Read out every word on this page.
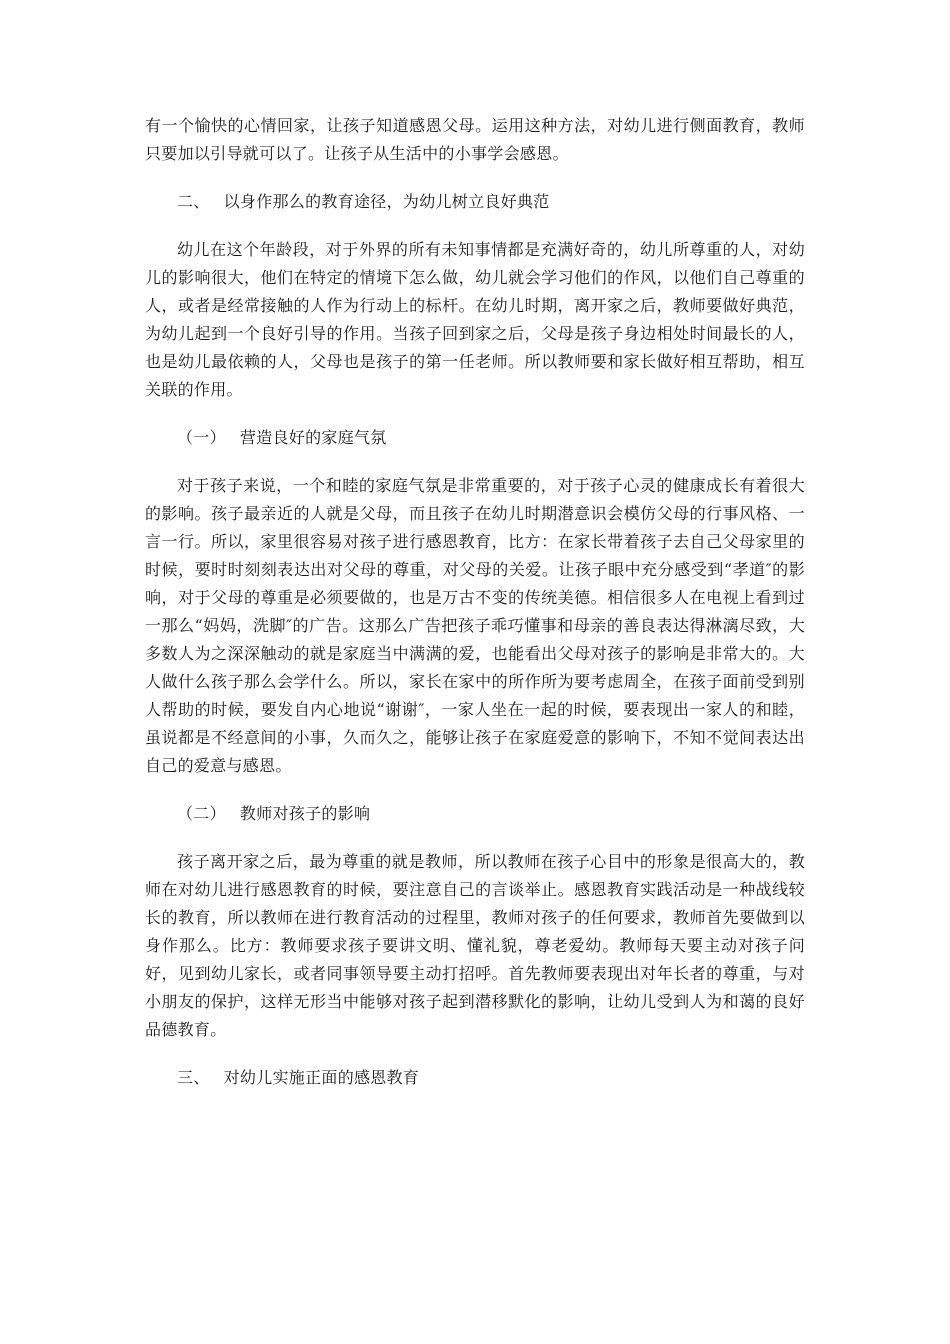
有一个愉快的心情回家，让孩子知道感恩父母。运用这种方法，对幼儿进行侧面教育，教师只要加以引导就可以了。让孩子从生活中的小事学会感恩。

二、 以身作那么的教育途径，为幼儿树立良好典范

幼儿在这个年龄段，对于外界的所有未知事情都是充满好奇的，幼儿所尊重的人，对幼儿的影响很大，他们在特定的情境下怎么做，幼儿就会学习他们的作风，以他们自己尊重的人，或者是经常接触的人作为行动上的标杆。在幼儿时期，离开家之后，教师要做好典范，为幼儿起到一个良好引导的作用。当孩子回到家之后，父母是孩子身边相处时间最长的人，也是幼儿最依赖的人，父母也是孩子的第一任老师。所以教师要和家长做好相互帮助，相互关联的作用。

（一） 营造良好的家庭气氛

对于孩子来说，一个和睦的家庭气氛是非常重要的，对于孩子心灵的健康成长有着很大的影响。孩子最亲近的人就是父母，而且孩子在幼儿时期潜意识会模仿父母的行事风格、一言一行。所以，家里很容易对孩子进行感恩教育，比方：在家长带着孩子去自己父母家里的时候，要时时刻刻表达出对父母的尊重，对父母的关爱。让孩子眼中充分感受到“孝道″的影响，对于父母的尊重是必须要做的，也是万古不变的传统美德。相信很多人在电视上看到过一那么“妈妈，洗脚″的广告。这那么广告把孩子乖巧懂事和母亲的善良表达得淋漓尽致，大多数人为之深深触动的就是家庭当中满满的爱，也能看出父母对孩子的影响是非常大的。大人做什么孩子那么会学什么。所以，家长在家中的所作所为要考虑周全，在孩子面前受到别人帮助的时候，要发自内心地说“谢谢″，一家人坐在一起的时候，要表现出一家人的和睦，虽说都是不经意间的小事，久而久之，能够让孩子在家庭爱意的影响下，不知不觉间表达出自己的爱意与感恩。

（二） 教师对孩子的影响

孩子离开家之后，最为尊重的就是教师，所以教师在孩子心目中的形象是很高大的，教师在对幼儿进行感恩教育的时候，要注意自己的言谈举止。感恩教育实践活动是一种战线较长的教育，所以教师在进行教育活动的过程里，教师对孩子的任何要求，教师首先要做到以身作那么。比方：教师要求孩子要讲文明、懂礼貌，尊老爱幼。教师每天要主动对孩子问好，见到幼儿家长，或者同事领导要主动打招呼。首先教师要表现出对年长者的尊重，与对小朋友的保护，这样无形当中能够对孩子起到潜移默化的影响，让幼儿受到人为和蔼的良好品德教育。

三、 对幼儿实施正面的感恩教育
